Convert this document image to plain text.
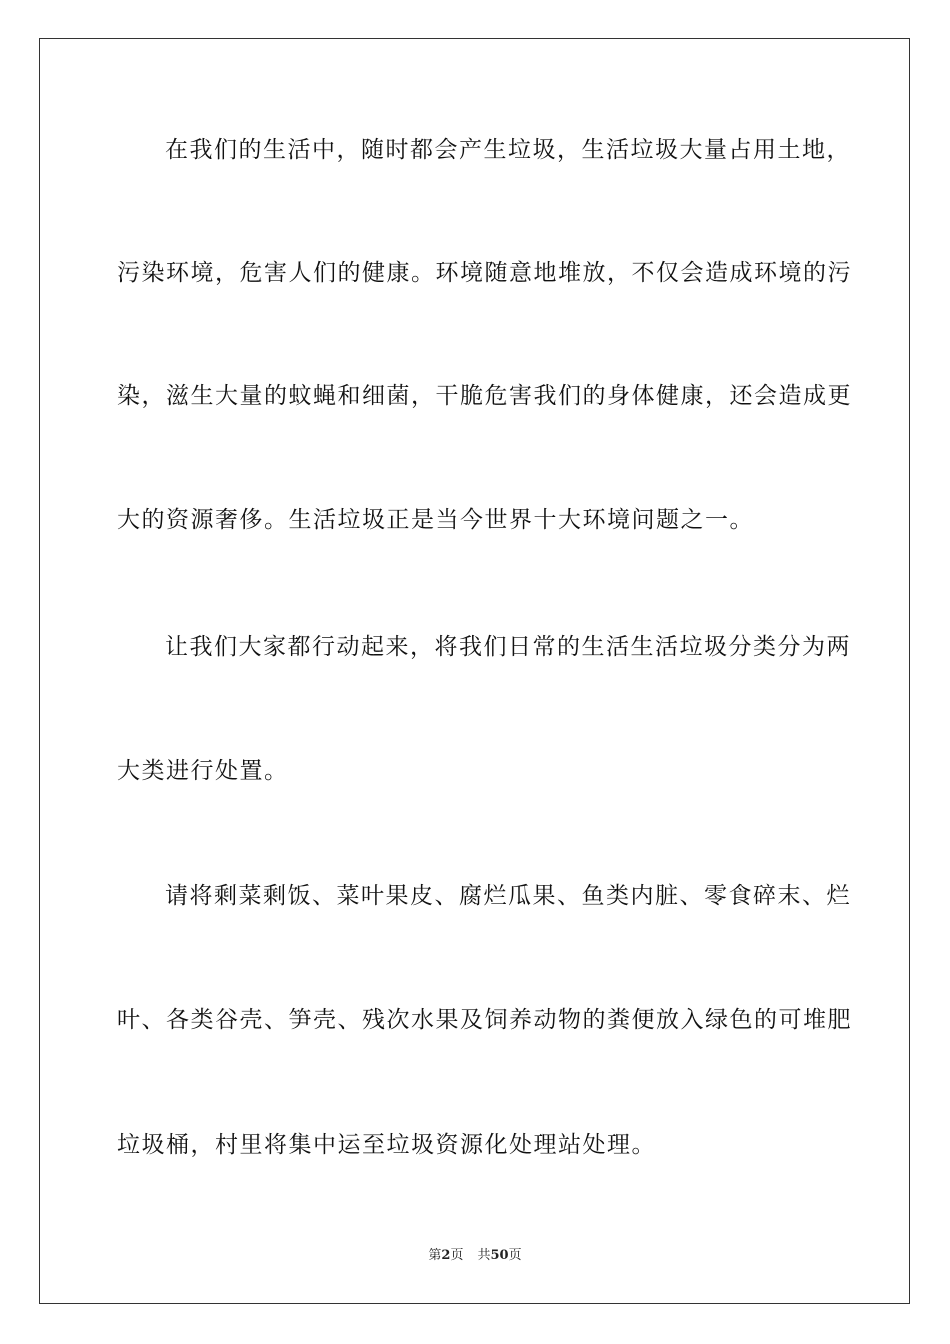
在我们的生活中，随时都会产生垃圾，生活垃圾大量占用土地，
污染环境，危害人们的健康。环境随意地堆放，不仅会造成环境的污
染，滋生大量的蚊蝇和细菌，干脆危害我们的身体健康，还会造成更
大的资源奢侈。生活垃圾正是当今世界十大环境问题之一。
让我们大家都行动起来，将我们日常的生活生活垃圾分类分为两
大类进行处置。
请将剩菜剩饭、菜叶果皮、腐烂瓜果、鱼类内脏、零食碎末、烂
叶、各类谷壳、笋壳、残次水果及饲养动物的粪便放入绿色的可堆肥
垃圾桶，村里将集中运至垃圾资源化处理站处理。
第2页 共50页
